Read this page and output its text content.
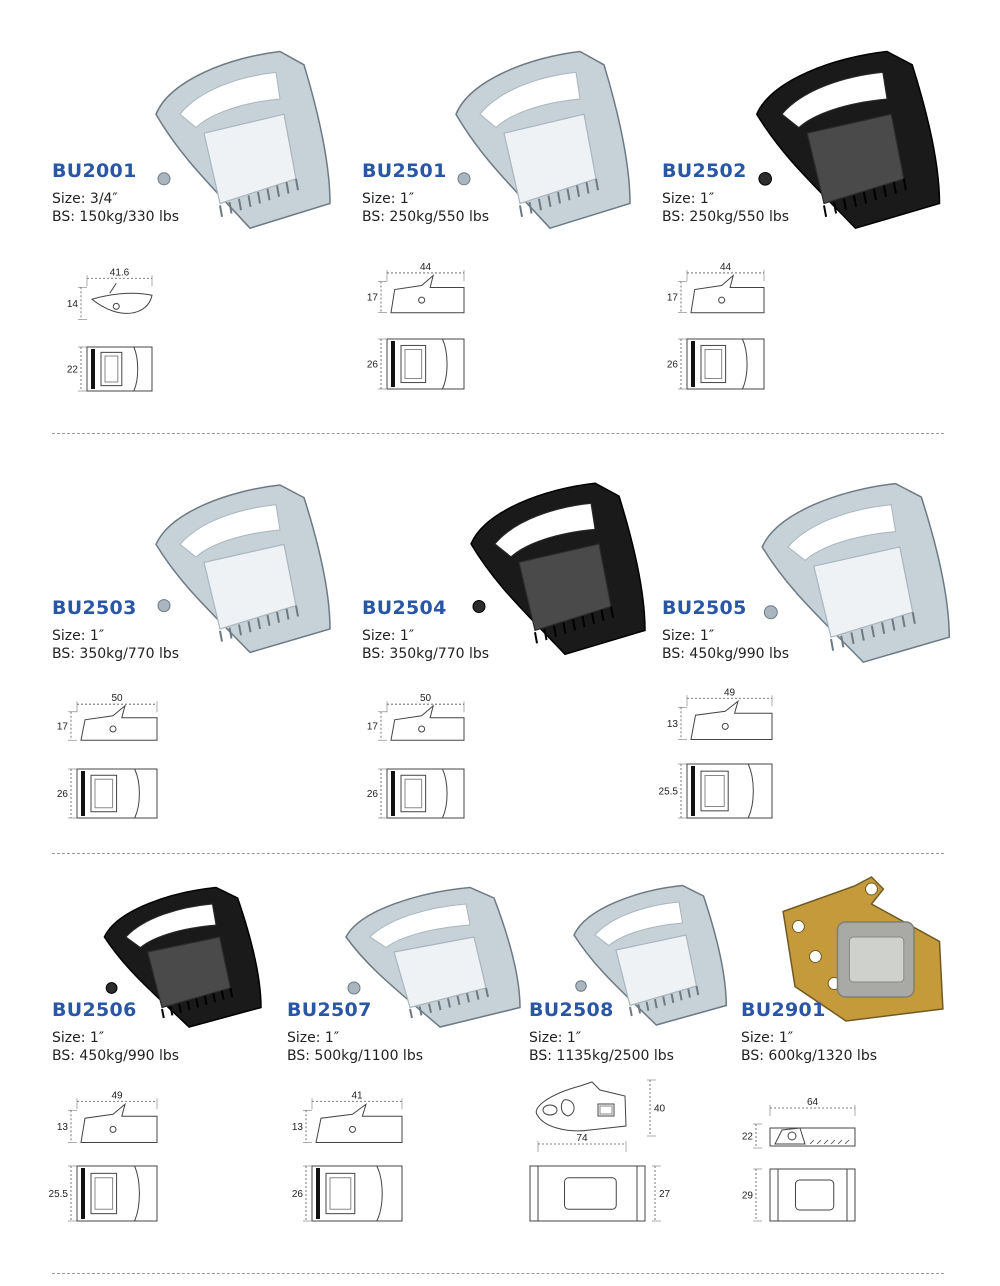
BU2001
Size: 3/4″
BS: 150kg/330 lbs
41.6
14
22
BU2501
Size: 1″
BS: 250kg/550 lbs
44
17
26
BU2502
Size: 1″
BS: 250kg/550 lbs
44
17
26
BU2503
Size: 1″
BS: 350kg/770 lbs
50
17
26
BU2504
Size: 1″
BS: 350kg/770 lbs
50
17
26
BU2505
Size: 1″
BS: 450kg/990 lbs
49
13
25.5
BU2506
Size: 1″
BS: 450kg/990 lbs
49
13
25.5
BU2507
Size: 1″
BS: 500kg/1100 lbs
41
13
26
BU2508
Size: 1″
BS: 1135kg/2500 lbs
74
40
27
BU2901
Size: 1″
BS: 600kg/1320 lbs
64
22
29
